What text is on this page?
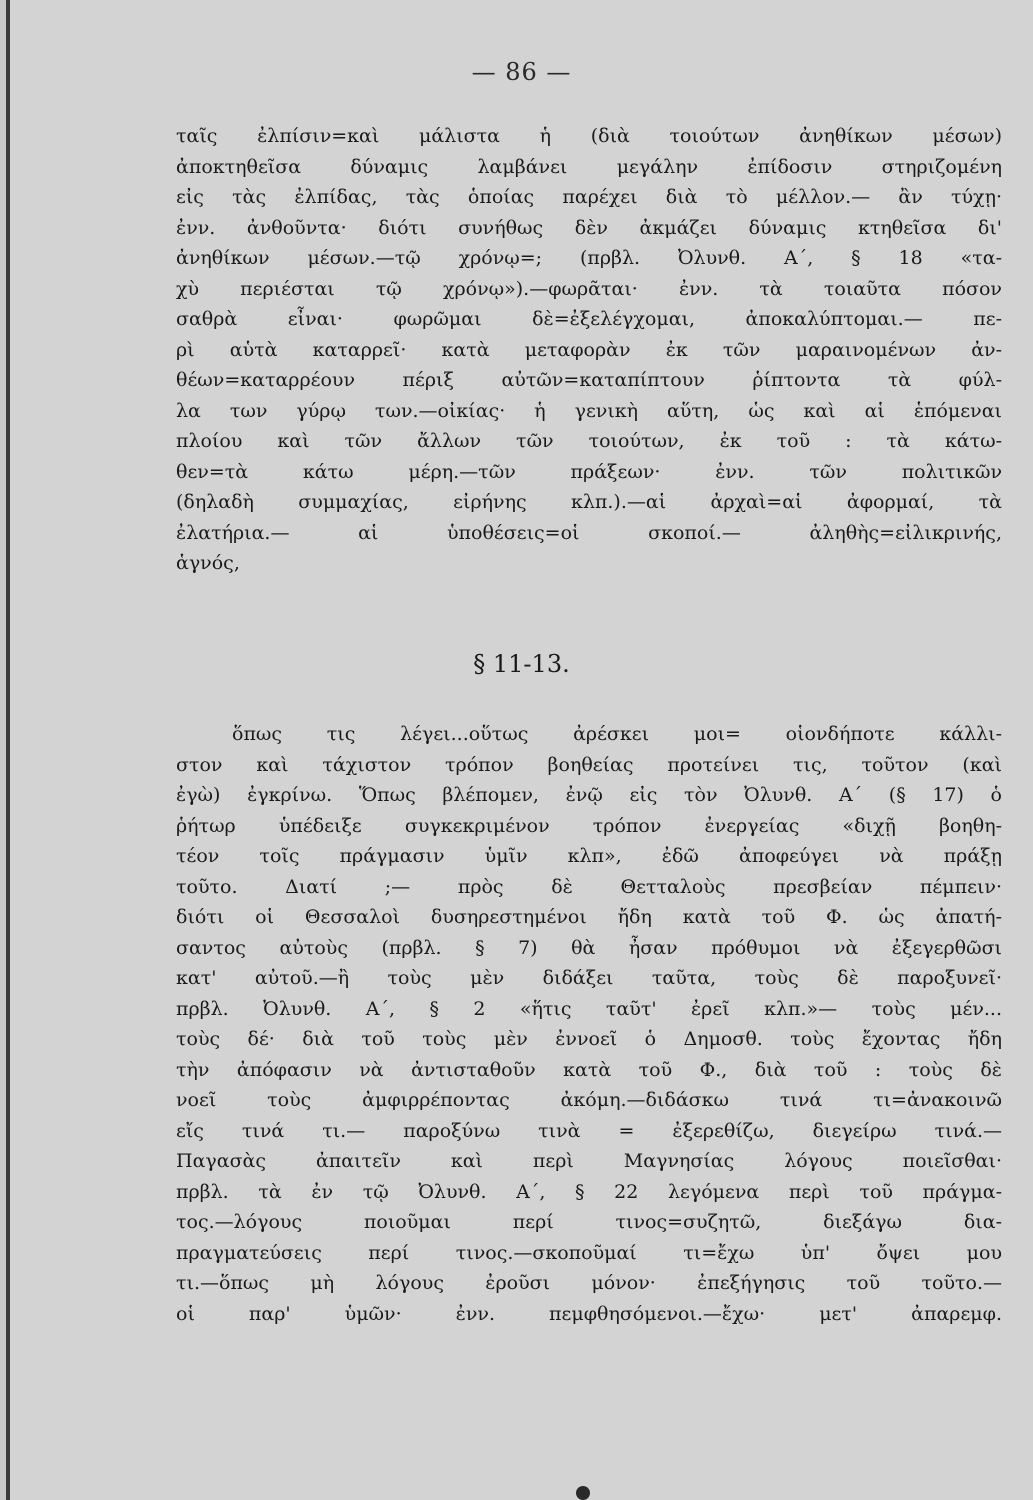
— 86 —
ταῖς ἐλπίσιν=καὶ μάλιστα ἡ (διὰ τοιούτων ἀνηθίκων μέσων)
ἀποκτηθεῖσα δύναμις λαμβάνει μεγάλην ἐπίδοσιν στηριζομένη
εἰς τὰς ἐλπίδας, τὰς ὁποίας παρέχει διὰ τὸ μέλλον.— ἂν τύχῃ·
ἐνν. ἀνθοῦντα· διότι συνήθως δὲν ἀκμάζει δύναμις κτηθεῖσα δι'
ἀνηθίκων μέσων.—τῷ χρόνῳ=; (πρβλ. Ὀλυνθ. Α΄, § 18 «τα-
χὺ περιέσται τῷ χρόνῳ»).—φωρᾶται· ἐνν. τὰ τοιαῦτα πόσον
σαθρὰ εἶναι· φωρῶμαι δὲ=ἐξελέγχομαι, ἀποκαλύπτομαι.— πε-
ρὶ αὑτὰ καταρρεῖ· κατὰ μεταφορὰν ἐκ τῶν μαραινομένων ἀν-
θέων=καταρρέουν πέριξ αὐτῶν=καταπίπτουν ῥίπτοντα τὰ φύλ-
λα των γύρῳ των.—οἰκίας· ἡ γενικὴ αὕτη, ὡς καὶ αἱ ἑπόμεναι
πλοίου καὶ τῶν ἄλλων τῶν τοιούτων, ἐκ τοῦ : τὰ κάτω-
θεν=τὰ κάτω μέρη.—τῶν πράξεων· ἐνν. τῶν πολιτικῶν
(δηλαδὴ συμμαχίας, εἰρήνης κλπ.).—αἱ ἀρχαὶ=αἱ ἀφορμαί, τὰ
ἐλατήρια.— αἱ ὑποθέσεις=οἱ σκοποί.— ἀληθὴς=εἰλικρινής,
ἁγνός,
§ 11-13.
ὅπως τις λέγει...οὕτως ἀρέσκει μοι= οἱονδήποτε κάλλι-
στον καὶ τάχιστον τρόπον βοηθείας προτείνει τις, τοῦτον (καὶ
ἐγὼ) ἐγκρίνω. Ὅπως βλέπομεν, ἐνῷ εἰς τὸν Ὀλυνθ. Α΄ (§ 17) ὁ
ῥήτωρ ὑπέδειξε συγκεκριμένον τρόπον ἐνεργείας «διχῇ βοηθη-
τέον τοῖς πράγμασιν ὑμῖν κλπ», ἐδῶ ἀποφεύγει νὰ πράξῃ
τοῦτο. Διατί ;— πρὸς δὲ Θετταλοὺς πρεσβείαν πέμπειν·
διότι οἱ Θεσσαλοὶ δυσηρεστημένοι ἤδη κατὰ τοῦ Φ. ὡς ἀπατή-
σαντος αὐτοὺς (πρβλ. § 7) θὰ ἦσαν πρόθυμοι νὰ ἐξεγερθῶσι
κατ' αὐτοῦ.—ἢ τοὺς μὲν διδάξει ταῦτα, τοὺς δὲ παροξυνεῖ·
πρβλ. Ὀλυνθ. Α΄, § 2 «ἥτις ταῦτ' ἐρεῖ κλπ.»— τοὺς μέν...
τοὺς δέ· διὰ τοῦ τοὺς μὲν ἐννοεῖ ὁ Δημοσθ. τοὺς ἔχοντας ἤδη
τὴν ἀπόφασιν νὰ ἀντισταθοῦν κατὰ τοῦ Φ., διὰ τοῦ : τοὺς δὲ
νοεῖ τοὺς ἀμφιρρέποντας ἀκόμη.—διδάσκω τινά τι=ἀνακοινῶ
εἴς τινά τι.— παροξύνω τινὰ = ἐξερεθίζω, διεγείρω τινά.—
Παγασὰς ἀπαιτεῖν καὶ περὶ Μαγνησίας λόγους ποιεῖσθαι·
πρβλ. τὰ ἐν τῷ Ὀλυνθ. Α΄, § 22 λεγόμενα περὶ τοῦ πράγμα-
τος.—λόγους ποιοῦμαι περί τινος=συζητῶ, διεξάγω δια-
πραγματεύσεις περί τινος.—σκοποῦμαί τι=ἔχω ὑπ' ὄψει μου
τι.—ὅπως μὴ λόγους ἐροῦσι μόνον· ἐπεξήγησις τοῦ τοῦτο.—
οἱ παρ' ὑμῶν· ἐνν. πεμφθησόμενοι.—ἔχω· μετ' ἀπαρεμφ.
